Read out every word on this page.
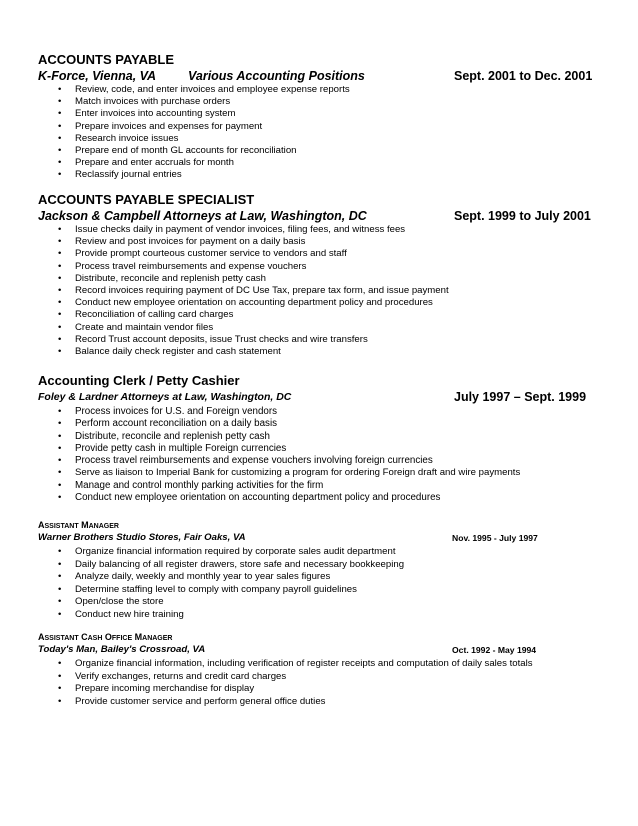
ACCOUNTS PAYABLE
K-Force, Vienna, VA	Various Accounting Positions	Sept. 2001 to Dec. 2001
• Review, code, and enter invoices and employee expense reports
• Match invoices with purchase orders
• Enter invoices into accounting system
• Prepare invoices and expenses for payment
• Research invoice issues
• Prepare end of month GL accounts for reconciliation
• Prepare and enter accruals for month
• Reclassify journal entries
ACCOUNTS PAYABLE SPECIALIST
Jackson & Campbell Attorneys at Law, Washington, DC	Sept. 1999 to July 2001
• Issue checks daily in payment of vendor invoices, filing fees, and witness fees
• Review and post invoices for payment on a daily basis
• Provide prompt courteous customer service to vendors and staff
• Process travel reimbursements and expense vouchers
• Distribute, reconcile and replenish petty cash
• Record invoices requiring payment of DC Use Tax, prepare tax form, and issue payment
• Conduct new employee orientation on accounting department policy and procedures
• Reconciliation of calling card charges
• Create and maintain vendor files
• Record Trust account deposits, issue Trust checks and wire transfers
• Balance daily check register and cash statement
Accounting Clerk / Petty Cashier
Foley & Lardner Attorneys at Law, Washington, DC	July 1997 – Sept. 1999
• Process invoices for U.S. and Foreign vendors
• Perform account reconciliation on a daily basis
• Distribute, reconcile and replenish petty cash
• Provide petty cash in multiple Foreign currencies
• Process travel reimbursements and expense vouchers involving foreign currencies
• Serve as liaison to Imperial Bank for customizing a program for ordering Foreign draft and wire payments
• Manage and control monthly parking activities for the firm
• Conduct new employee orientation on accounting department policy and procedures
ASSISTANT MANAGER
Warner Brothers Studio Stores, Fair Oaks, VA	Nov. 1995 - July 1997
• Organize financial information required by corporate sales audit department
• Daily balancing of all register drawers, store safe and necessary bookkeeping
• Analyze daily, weekly and monthly year to year sales figures
• Determine staffing level to comply with company payroll guidelines
• Open/close the store
• Conduct new hire training
ASSISTANT CASH OFFICE MANAGER
Today's Man, Bailey's Crossroad, VA	Oct. 1992 - May 1994
• Organize financial information, including verification of register receipts and computation of daily sales totals
• Verify exchanges, returns and credit card charges
• Prepare incoming merchandise for display
• Provide customer service and perform general office duties
